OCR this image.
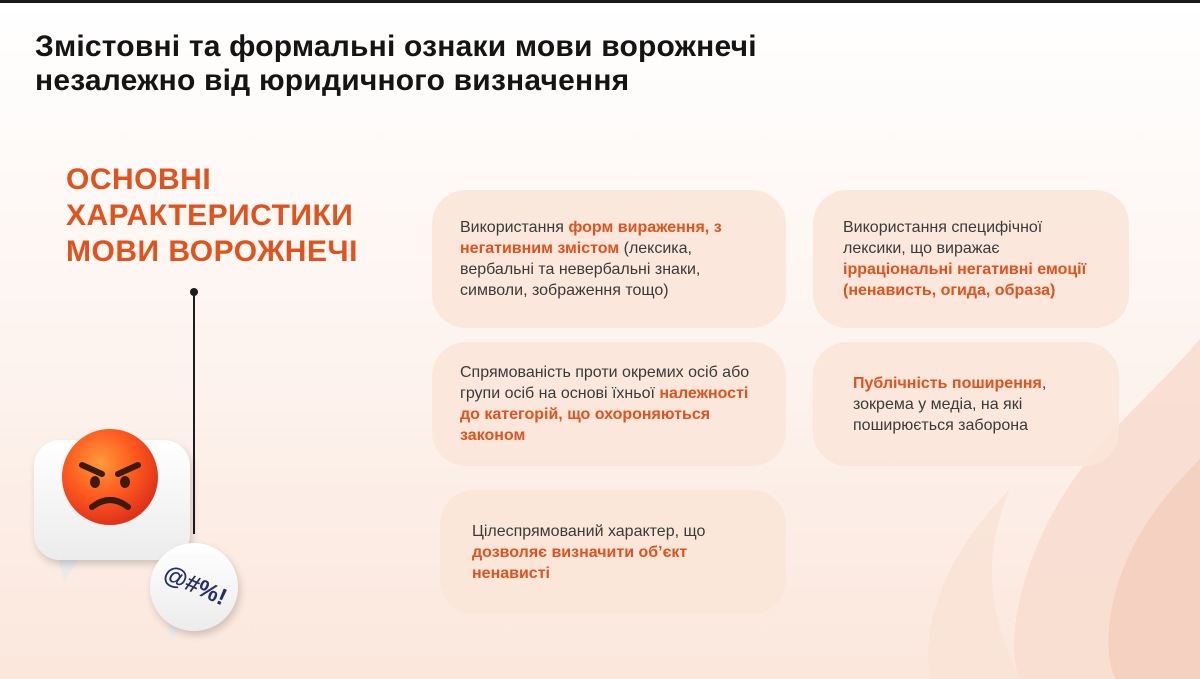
Змістовні та формальні ознаки мови ворожнечі
незалежно від юридичного визначення
ОСНОВНІ
ХАРАКТЕРИСТИКИ
МОВИ ВОРОЖНЕЧІ

Використання форм вираження, з негативним змістом (лексика, вербальні та невербальні знаки, символи, зображення тощо)

Використання специфічної лексики, що виражає ірраціональні негативні емоції (ненависть, огида, образа)

Спрямованість проти окремих осіб або групи осіб на основі їхньої належності до категорій, що охороняються законом

Публічність поширення, зокрема у медіа, на які поширюється заборона

Цілеспрямований характер, що дозволяє визначити об’єкт ненависті

@#%!
